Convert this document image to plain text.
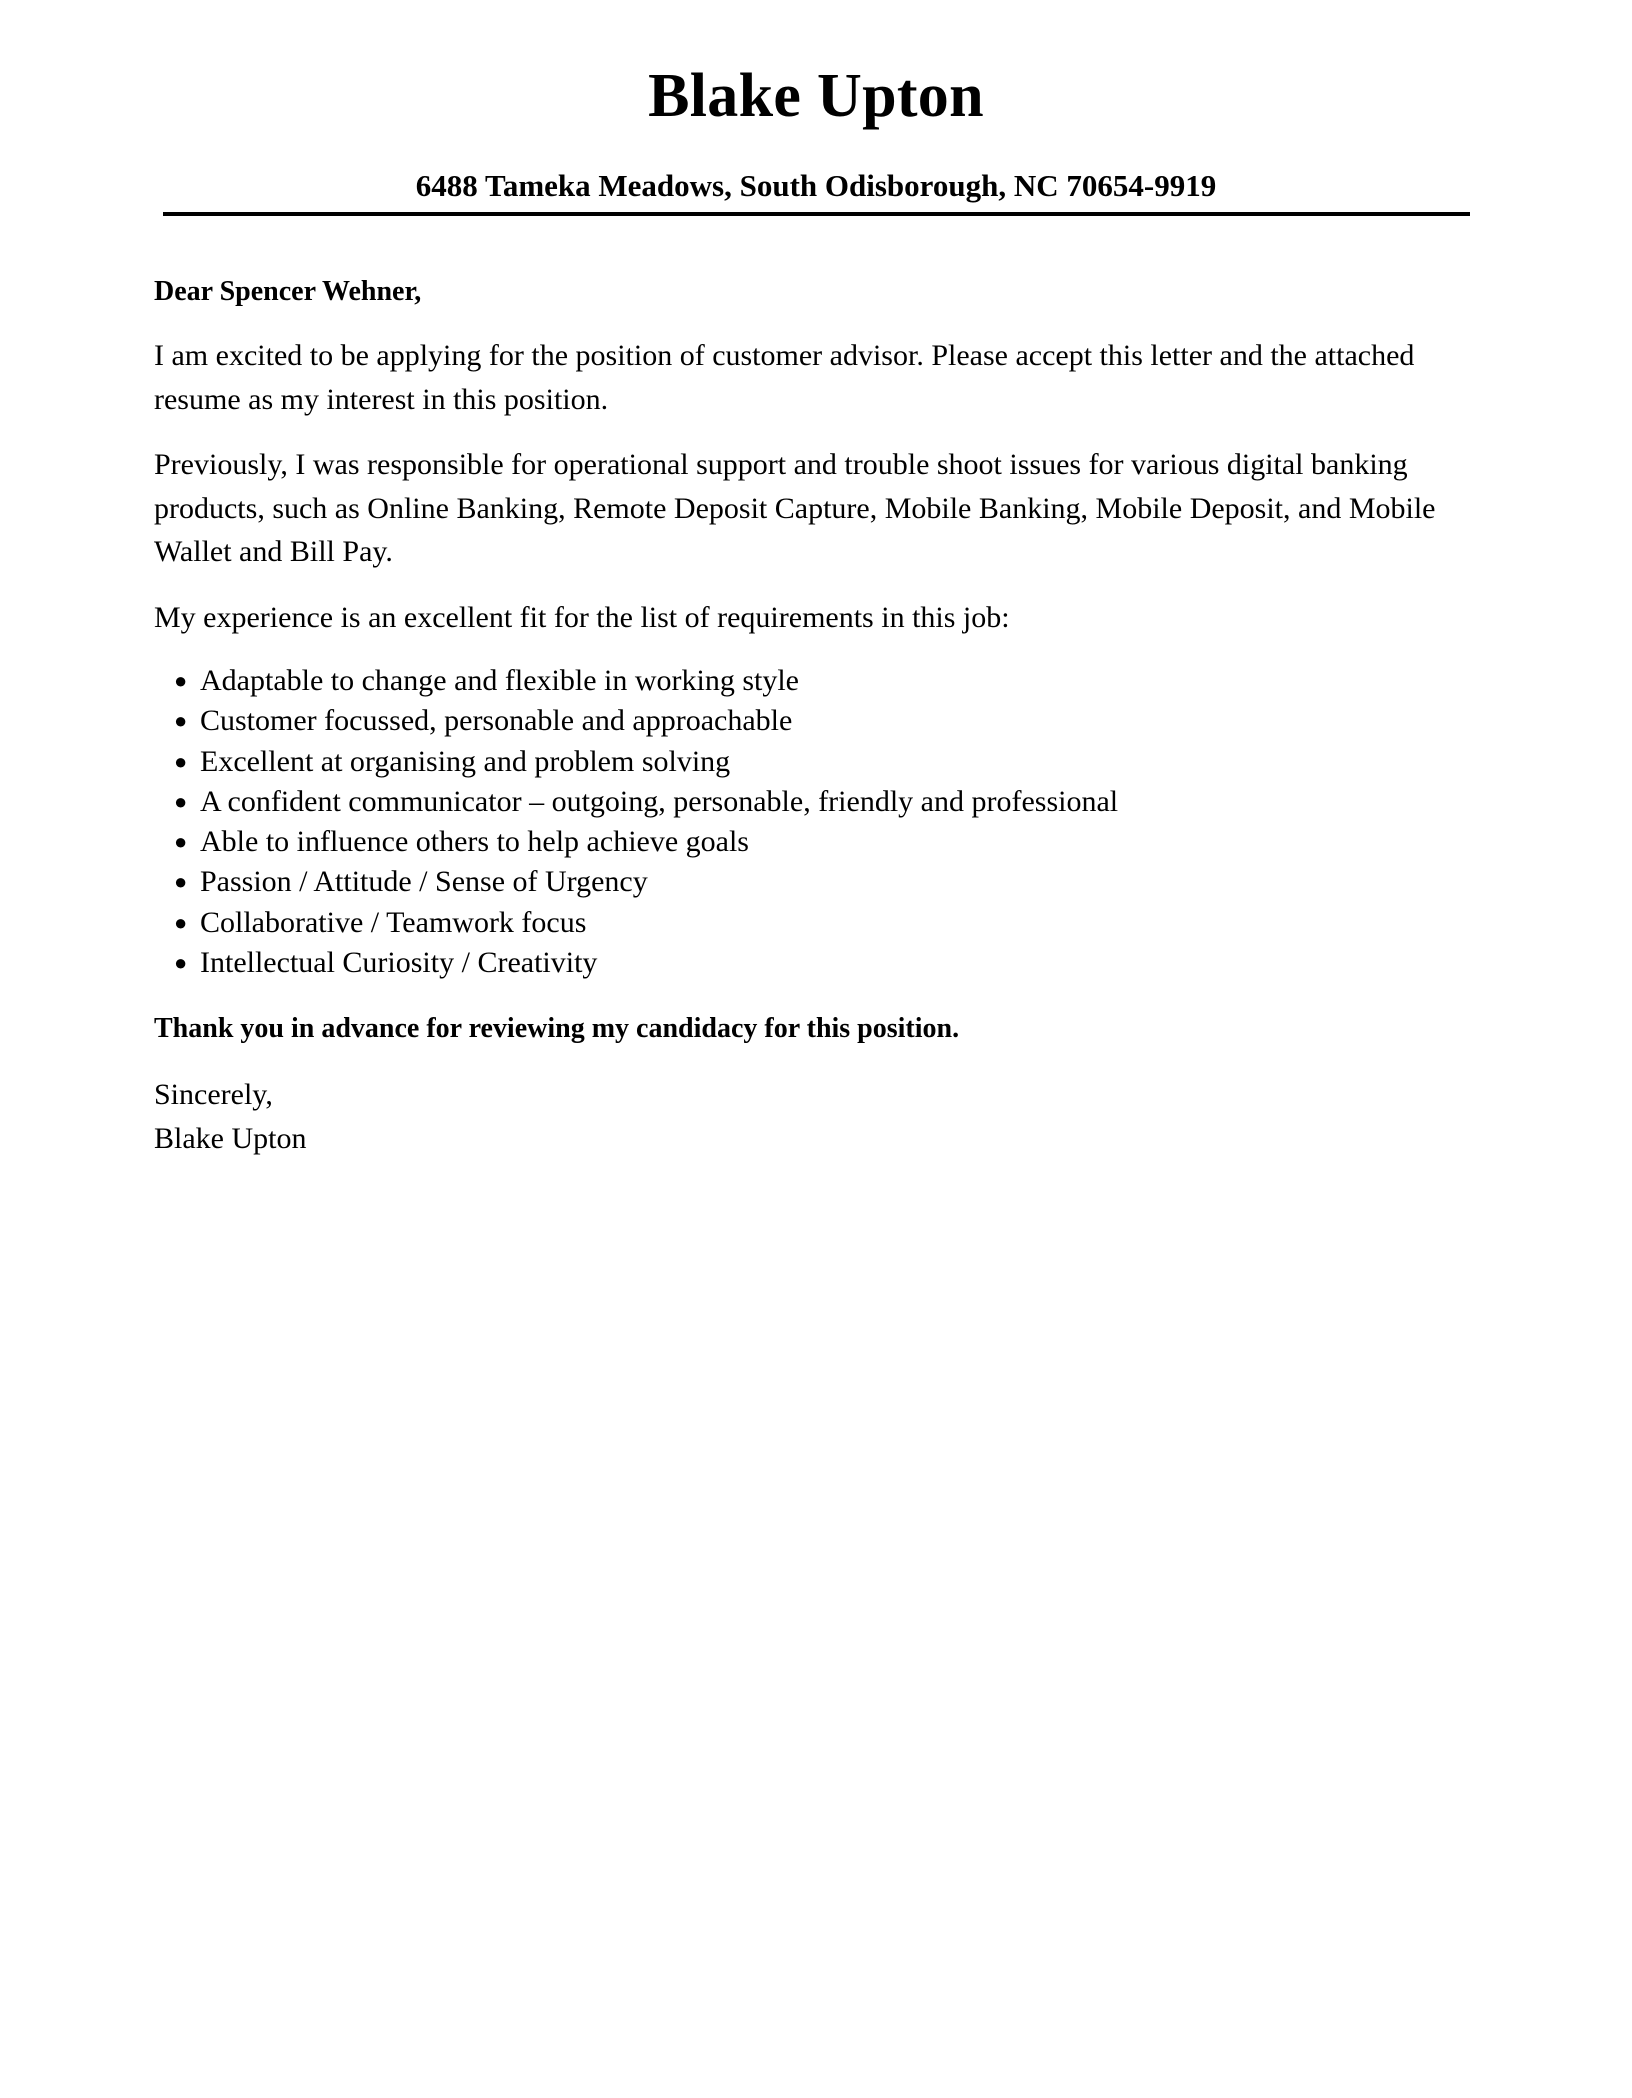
Blake Upton
6488 Tameka Meadows, South Odisborough, NC 70654-9919
Dear Spencer Wehner,

I am excited to be applying for the position of customer advisor. Please accept this letter and the attached resume as my interest in this position.

Previously, I was responsible for operational support and trouble shoot issues for various digital banking products, such as Online Banking, Remote Deposit Capture, Mobile Banking, Mobile Deposit, and Mobile Wallet and Bill Pay.

My experience is an excellent fit for the list of requirements in this job:

● Adaptable to change and flexible in working style
● Customer focussed, personable and approachable
● Excellent at organising and problem solving
● A confident communicator – outgoing, personable, friendly and professional
● Able to influence others to help achieve goals
● Passion / Attitude / Sense of Urgency
● Collaborative / Teamwork focus
● Intellectual Curiosity / Creativity
Thank you in advance for reviewing my candidacy for this position.
Sincerely,
Blake Upton
